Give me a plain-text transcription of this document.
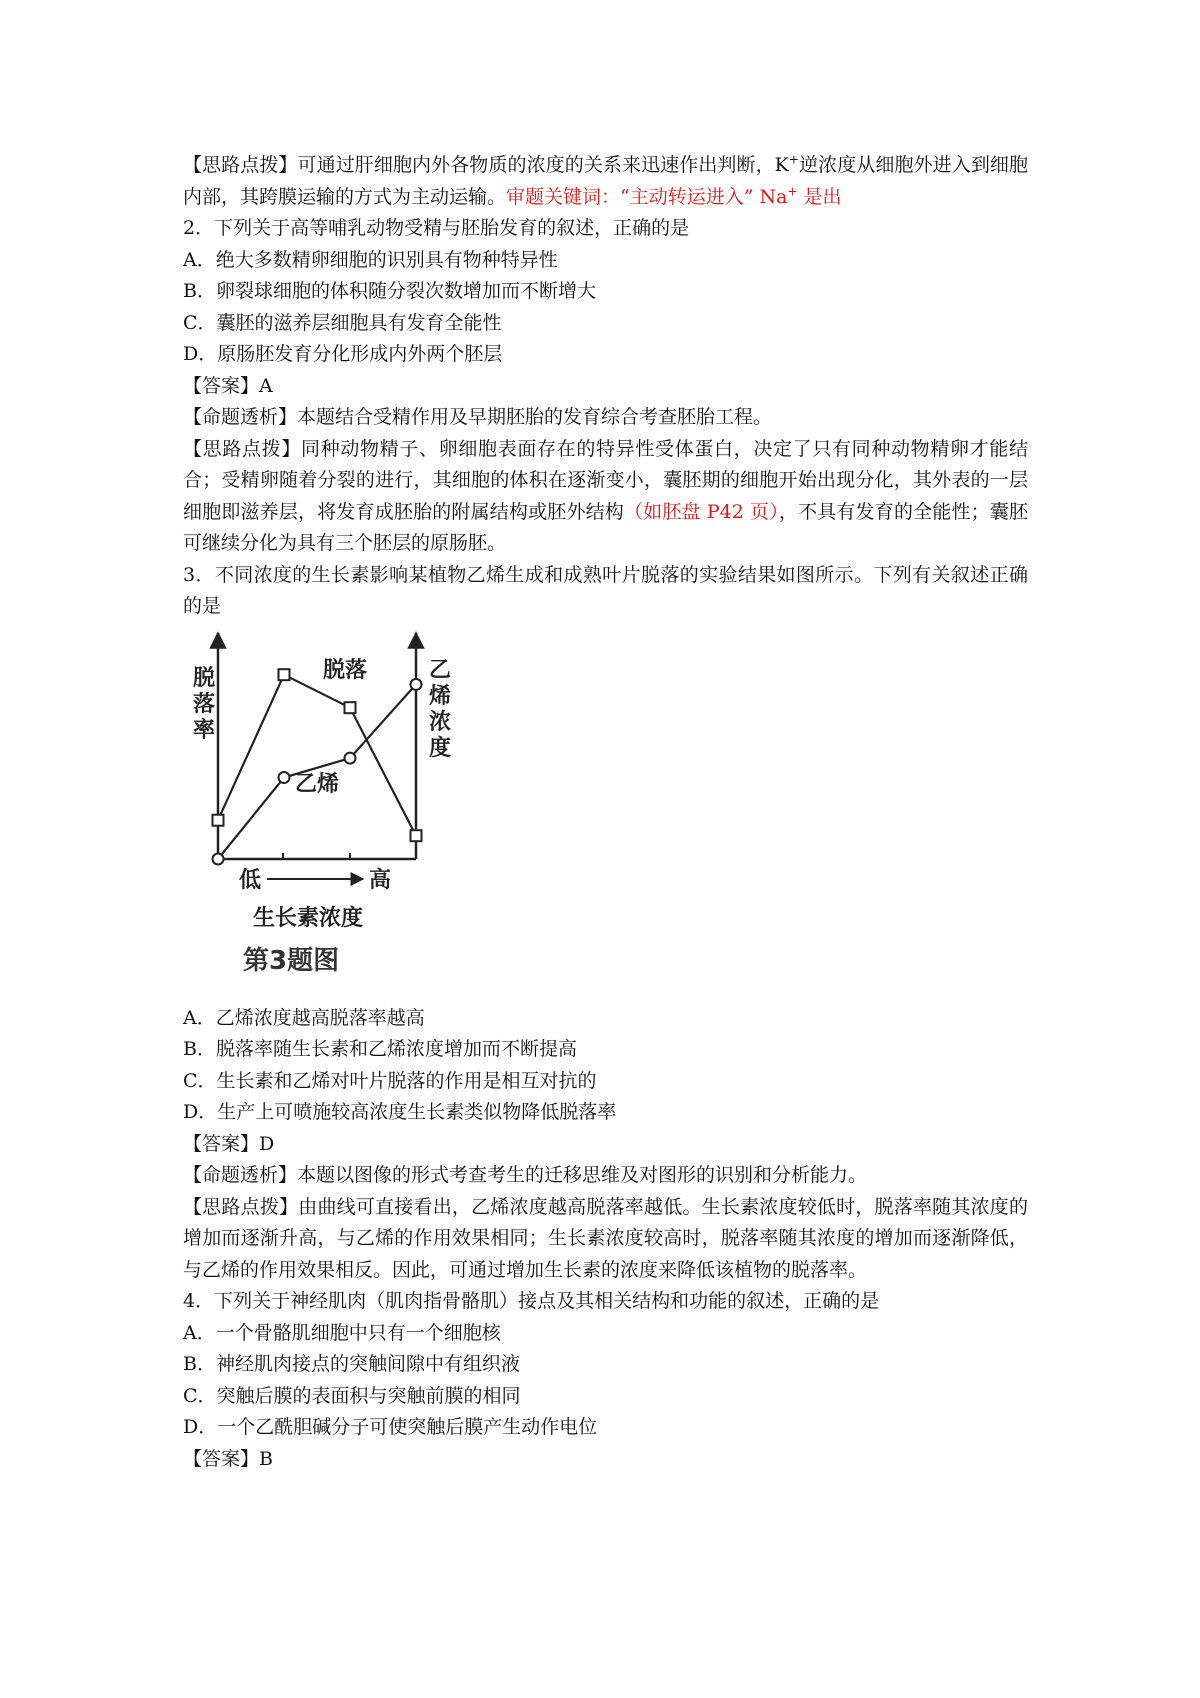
【思路点拨】可通过肝细胞内外各物质的浓度的关系来迅速作出判断，K+逆浓度从细胞外进入到细胞内部，其跨膜运输的方式为主动运输。审题关键词：“主动转运进入” Na+ 是出

2．下列关于高等哺乳动物受精与胚胎发育的叙述，正确的是

A．绝大多数精卵细胞的识别具有物种特异性

B．卵裂球细胞的体积随分裂次数增加而不断增大

C．囊胚的滋养层细胞具有发育全能性

D．原肠胚发育分化形成内外两个胚层

【答案】A

【命题透析】本题结合受精作用及早期胚胎的发育综合考查胚胎工程。

【思路点拨】同种动物精子、卵细胞表面存在的特异性受体蛋白，决定了只有同种动物精卵才能结合；受精卵随着分裂的进行，其细胞的体积在逐渐变小，囊胚期的细胞开始出现分化，其外表的一层细胞即滋养层，将发育成胚胎的附属结构或胚外结构（如胚盘 P42 页），不具有发育的全能性；囊胚可继续分化为具有三个胚层的原肠胚。

3．不同浓度的生长素影响某植物乙烯生成和成熟叶片脱落的实验结果如图所示。下列有关叙述正确的是

脱
落
率
乙
烯
浓
度
脱落
乙烯
低	高
生长素浓度
第3题图

A．乙烯浓度越高脱落率越高

B．脱落率随生长素和乙烯浓度增加而不断提高

C．生长素和乙烯对叶片脱落的作用是相互对抗的

D．生产上可喷施较高浓度生长素类似物降低脱落率

【答案】D

【命题透析】本题以图像的形式考查考生的迁移思维及对图形的识别和分析能力。

【思路点拨】由曲线可直接看出，乙烯浓度越高脱落率越低。生长素浓度较低时，脱落率随其浓度的增加而逐渐升高，与乙烯的作用效果相同；生长素浓度较高时，脱落率随其浓度的增加而逐渐降低，与乙烯的作用效果相反。因此，可通过增加生长素的浓度来降低该植物的脱落率。

4．下列关于神经肌肉（肌肉指骨骼肌）接点及其相关结构和功能的叙述，正确的是

A．一个骨骼肌细胞中只有一个细胞核

B．神经肌肉接点的突触间隙中有组织液

C．突触后膜的表面积与突触前膜的相同

D．一个乙酰胆碱分子可使突触后膜产生动作电位

【答案】B
